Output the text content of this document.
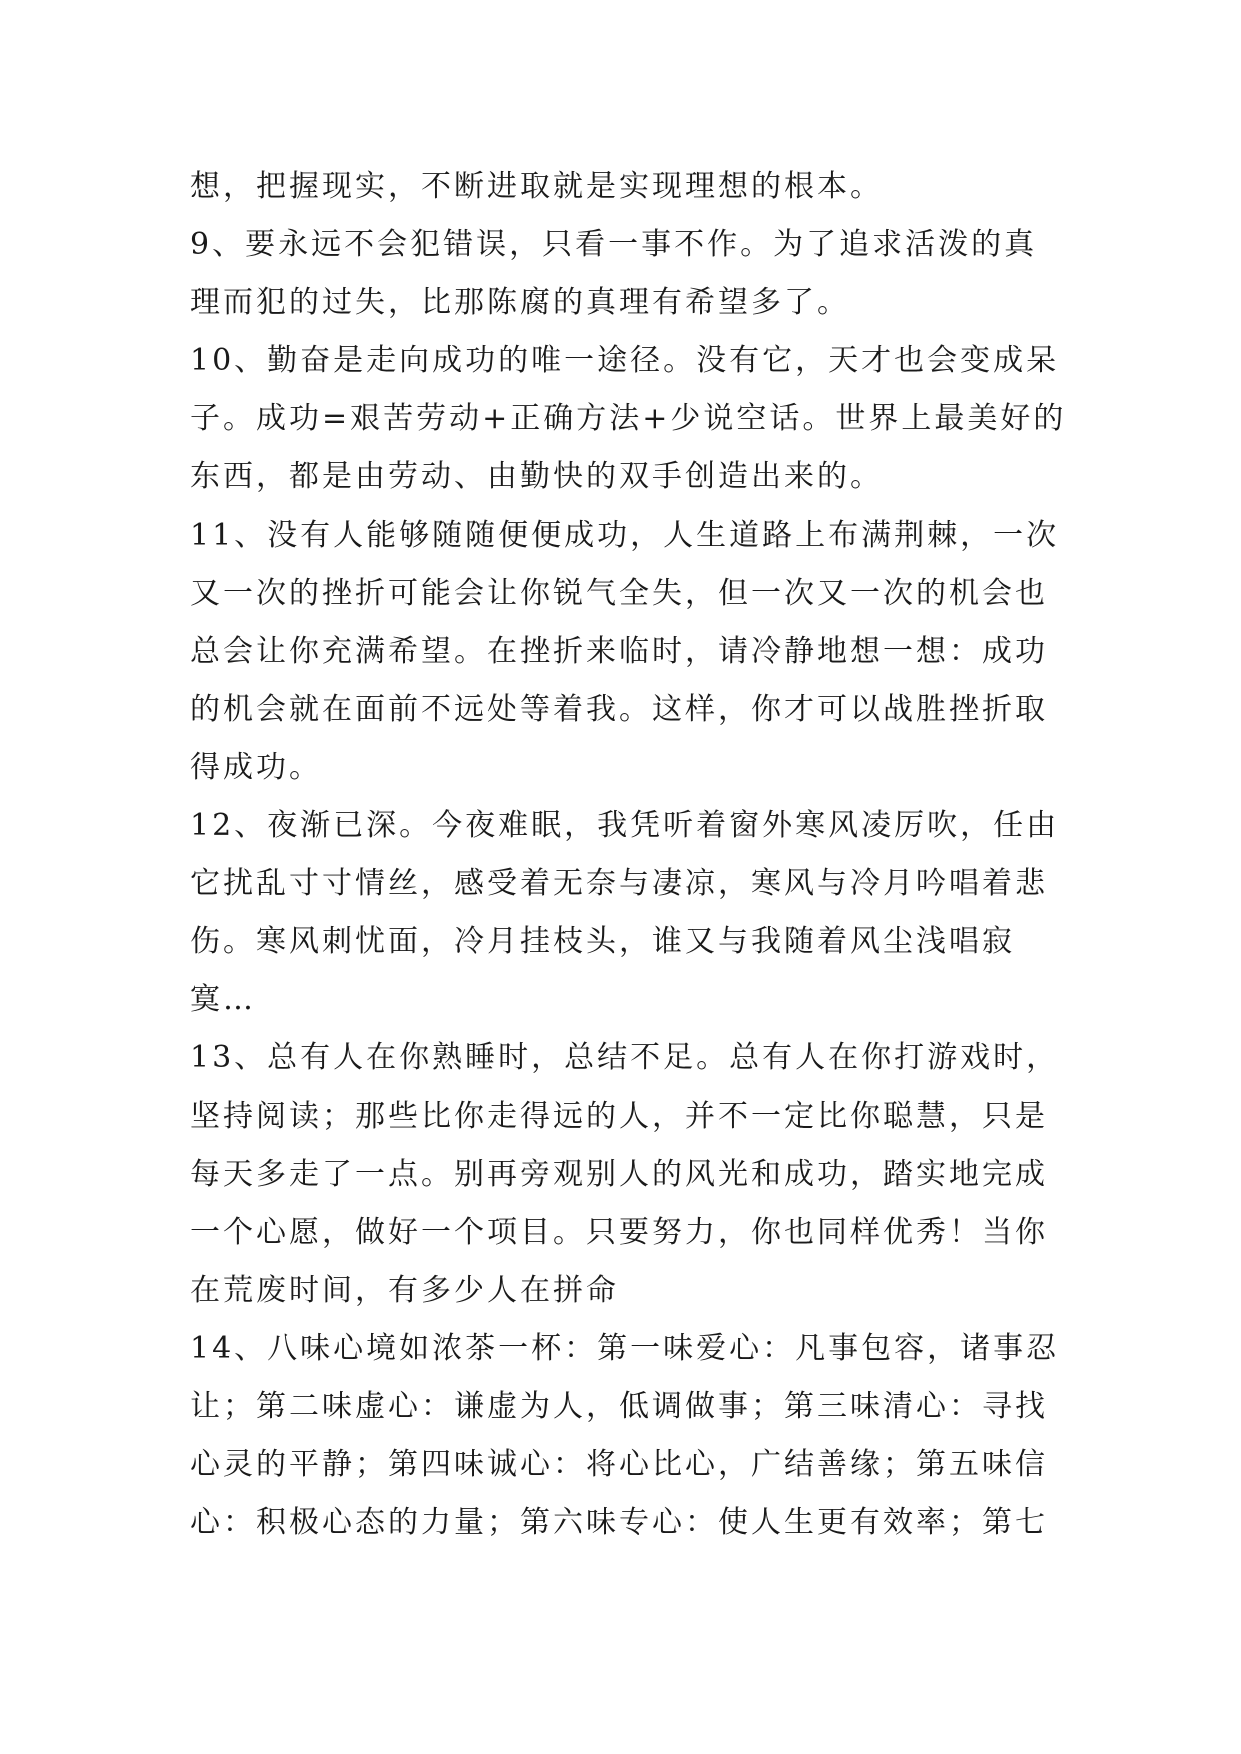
想，把握现实，不断进取就是实现理想的根本。
9、要永远不会犯错误，只看一事不作。为了追求活泼的真
理而犯的过失，比那陈腐的真理有希望多了。
10、勤奋是走向成功的唯一途径。没有它，天才也会变成呆
子。成功=艰苦劳动+正确方法+少说空话。世界上最美好的
东西，都是由劳动、由勤快的双手创造出来的。
11、没有人能够随随便便成功，人生道路上布满荆棘，一次
又一次的挫折可能会让你锐气全失，但一次又一次的机会也
总会让你充满希望。在挫折来临时，请冷静地想一想：成功
的机会就在面前不远处等着我。这样，你才可以战胜挫折取
得成功。
12、夜渐已深。今夜难眠，我凭听着窗外寒风凌厉吹，任由
它扰乱寸寸情丝，感受着无奈与凄凉，寒风与冷月吟唱着悲
伤。寒风刺忧面，冷月挂枝头，谁又与我随着风尘浅唱寂
寞…
13、总有人在你熟睡时，总结不足。总有人在你打游戏时，
坚持阅读；那些比你走得远的人，并不一定比你聪慧，只是
每天多走了一点。别再旁观别人的风光和成功，踏实地完成
一个心愿，做好一个项目。只要努力，你也同样优秀！当你
在荒废时间，有多少人在拼命
14、八味心境如浓茶一杯：第一味爱心：凡事包容，诸事忍
让；第二味虚心：谦虚为人，低调做事；第三味清心：寻找
心灵的平静；第四味诚心：将心比心，广结善缘；第五味信
心：积极心态的力量；第六味专心：使人生更有效率；第七
